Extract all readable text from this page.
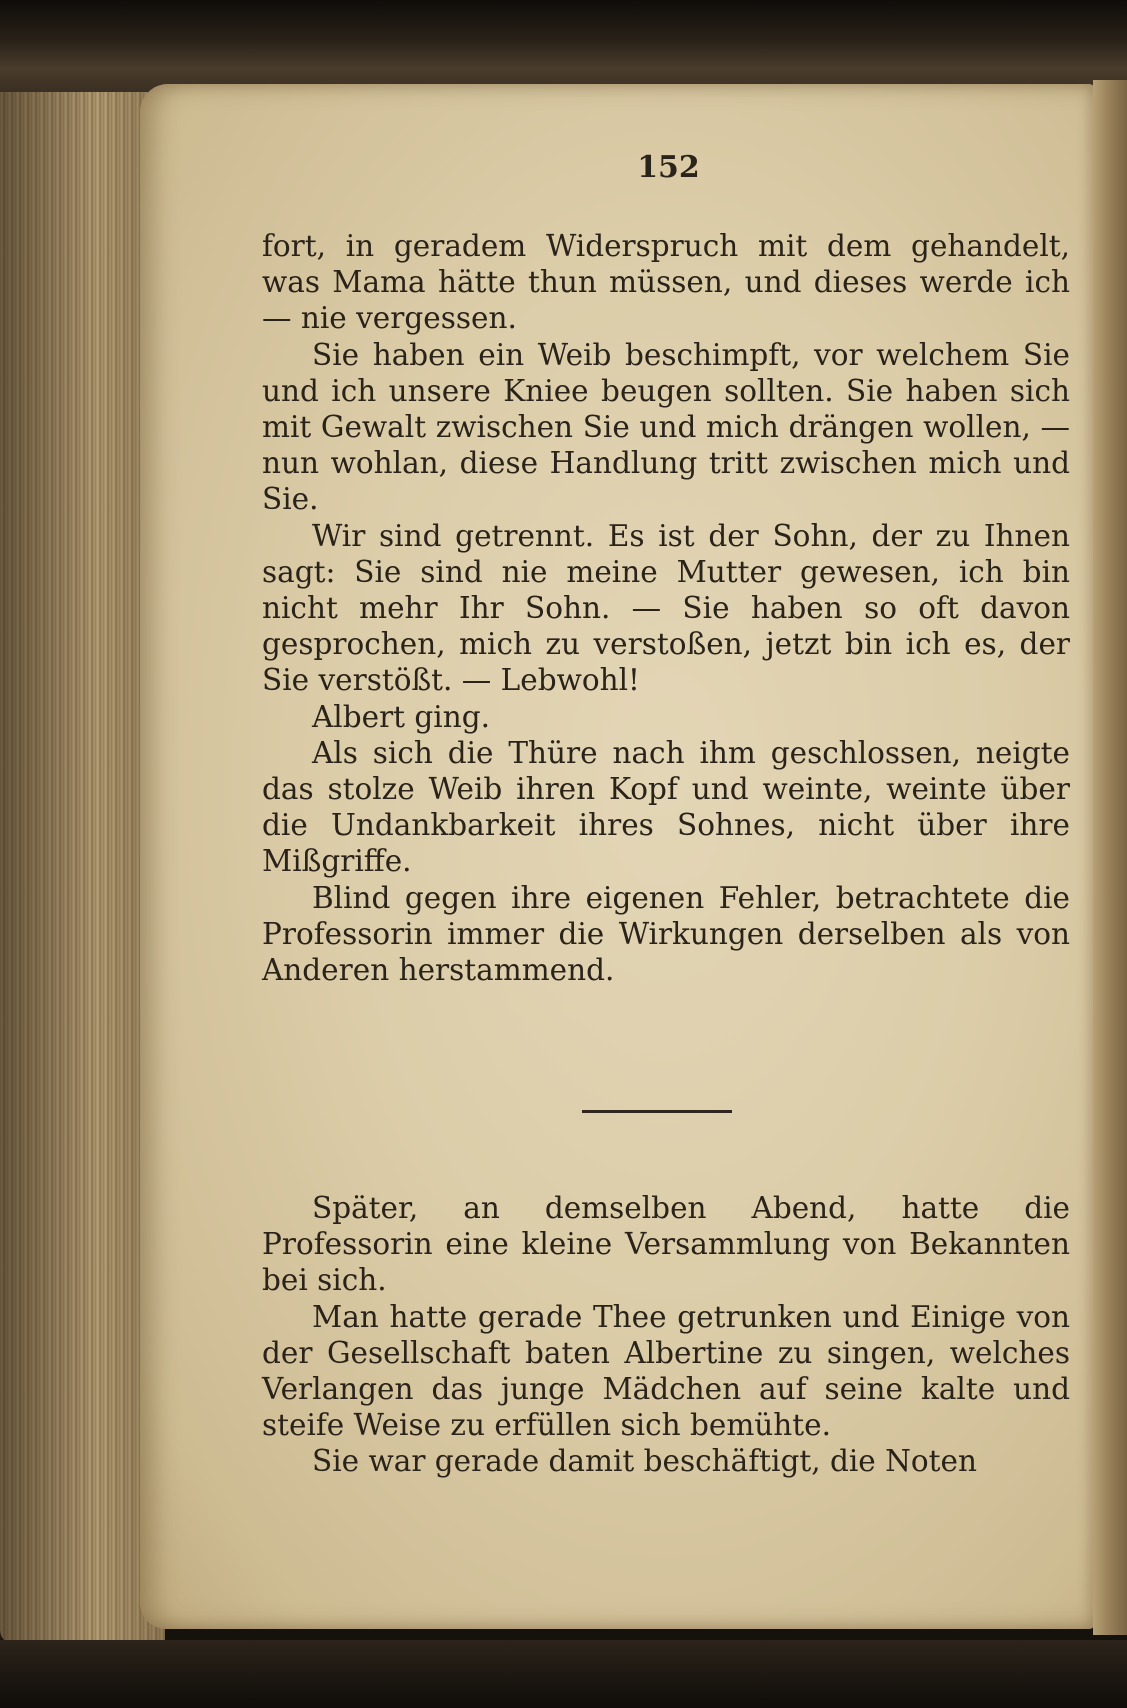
152

fort, in geradem Widerspruch mit dem gehandelt, was Mama hätte thun müssen, und dieses werde ich — nie vergessen.

Sie haben ein Weib beschimpft, vor welchem Sie und ich unsere Kniee beugen sollten. Sie haben sich mit Gewalt zwischen Sie und mich drängen wollen, — nun wohlan, diese Handlung tritt zwischen mich und Sie.

Wir sind getrennt. Es ist der Sohn, der zu Ihnen sagt: Sie sind nie meine Mutter gewesen, ich bin nicht mehr Ihr Sohn. — Sie haben so oft davon gesprochen, mich zu verstoßen, jetzt bin ich es, der Sie verstößt. — Lebwohl!

Albert ging.

Als sich die Thüre nach ihm geschlossen, neigte das stolze Weib ihren Kopf und weinte, weinte über die Undankbarkeit ihres Sohnes, nicht über ihre Mißgriffe.

Blind gegen ihre eigenen Fehler, betrachtete die Professorin immer die Wirkungen derselben als von Anderen herstammend.

Später, an demselben Abend, hatte die Professorin eine kleine Versammlung von Bekannten bei sich.

Man hatte gerade Thee getrunken und Einige von der Gesellschaft baten Albertine zu singen, welches Verlangen das junge Mädchen auf seine kalte und steife Weise zu erfüllen sich bemühte.

Sie war gerade damit beschäftigt, die Noten
